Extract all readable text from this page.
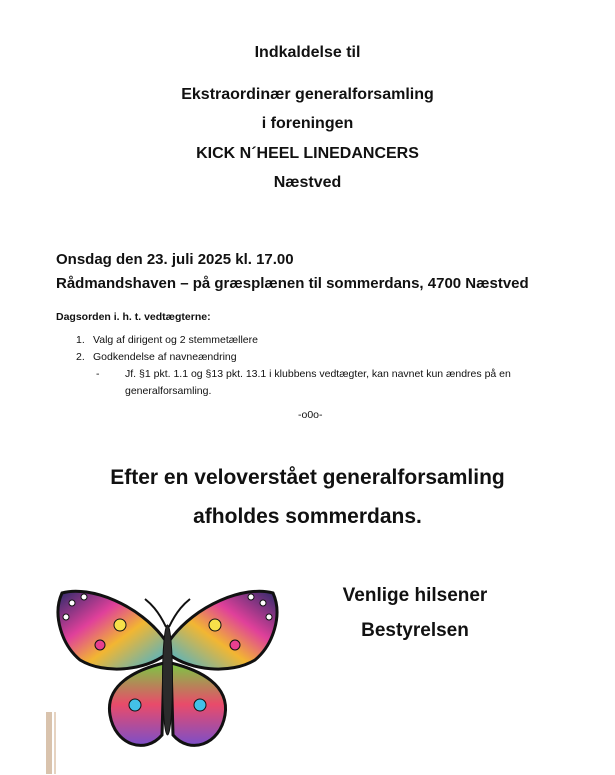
Indkaldelse til
Ekstraordinær generalforsamling
i foreningen
KICK N´HEEL LINEDANCERS
Næstved
Onsdag den 23. juli 2025 kl. 17.00
Rådmandshaven – på græsplænen til sommerdans, 4700 Næstved
Dagsorden i. h. t. vedtægterne:
1. Valg af dirigent og 2 stemmetællere
2. Godkendelse af navneændring
- Jf. §1 pkt. 1.1 og §13 pkt. 13.1 i klubbens vedtægter, kan navnet kun ændres på en
generalforsamling.
-o0o-
Efter en veloverstået generalforsamling
afholdes sommerdans.
Venlige hilsener
Bestyrelsen
